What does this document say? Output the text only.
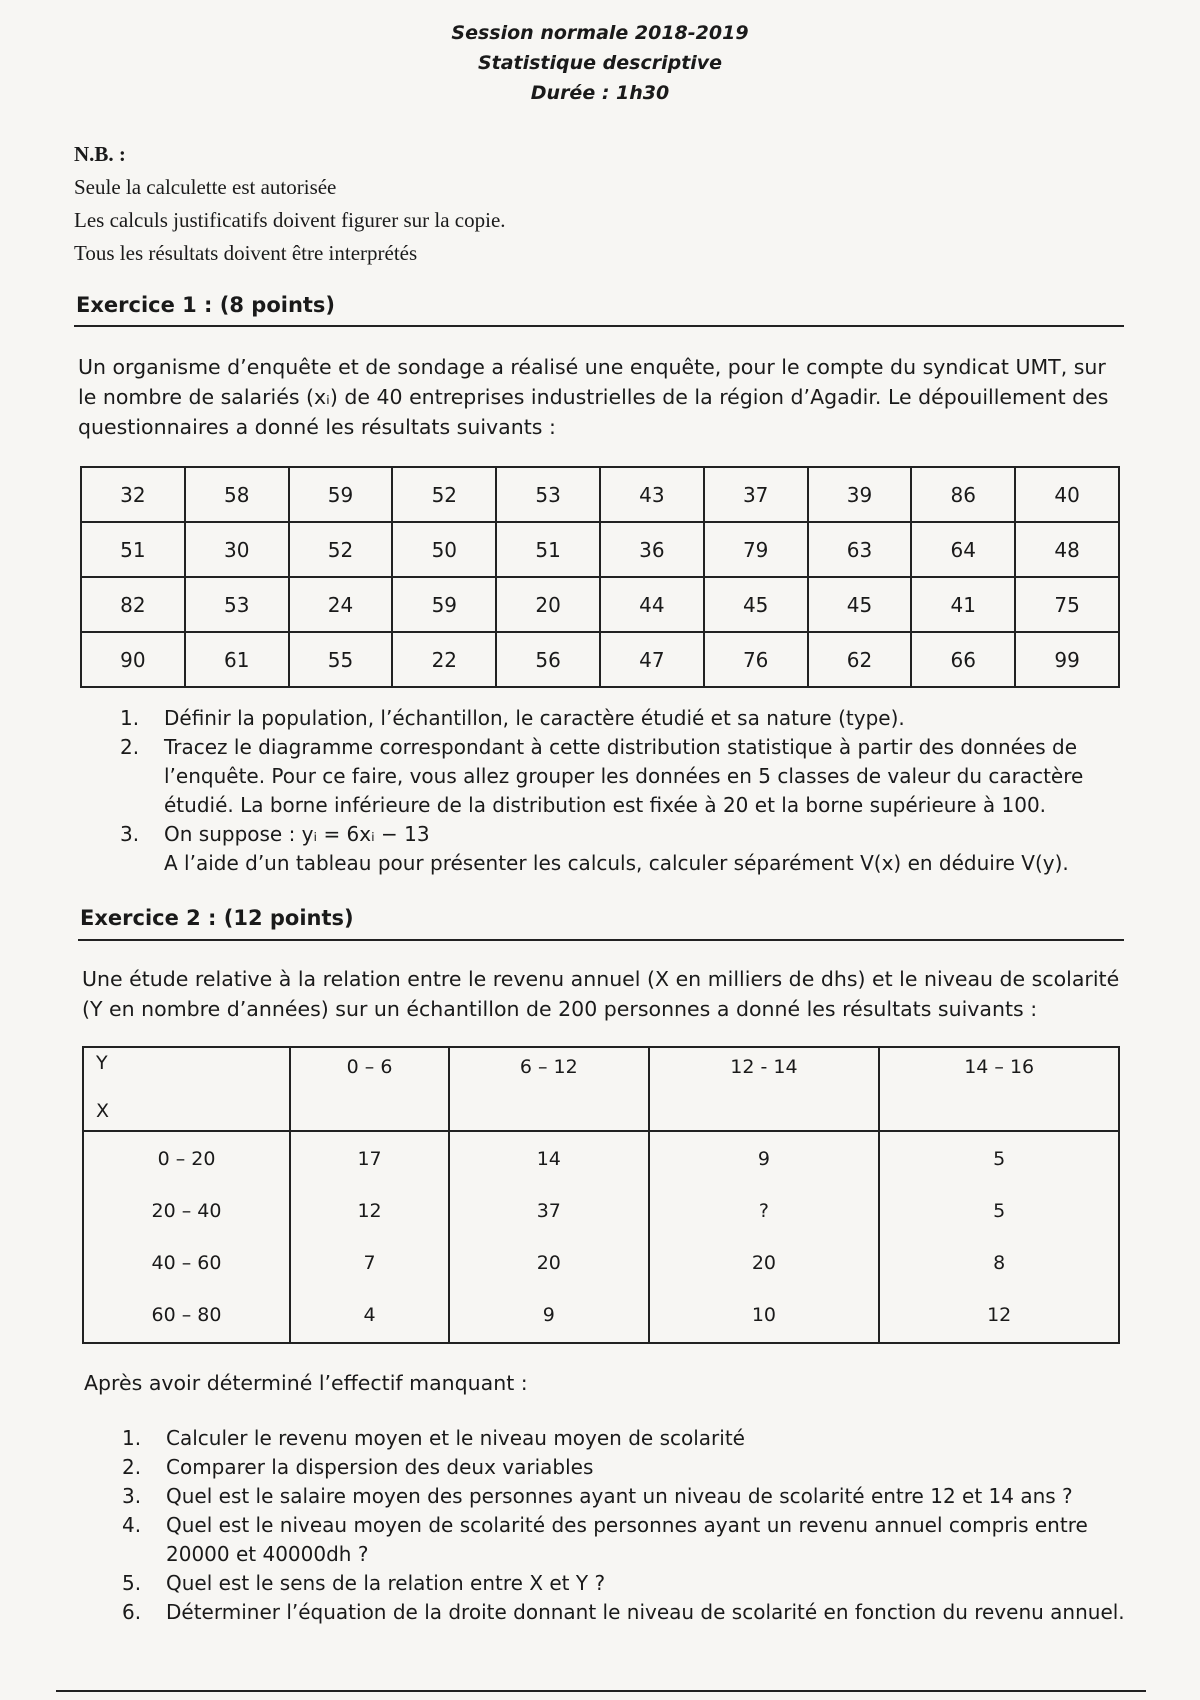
Session normale 2018-2019
Statistique descriptive
Durée : 1h30
N.B. :
Seule la calculette est autorisée
Les calculs justificatifs doivent figurer sur la copie.
Tous les résultats doivent être interprétés
Exercice 1 : (8 points)
Un organisme d’enquête et de sondage a réalisé une enquête, pour le compte du syndicat UMT, sur le nombre de salariés (xᵢ) de 40 entreprises industrielles de la région d’Agadir. Le dépouillement des questionnaires a donné les résultats suivants :
32	58	59	52	53	43	37	39	86	40
51	30	52	50	51	36	79	63	64	48
82	53	24	59	20	44	45	45	41	75
90	61	55	22	56	47	76	62	66	99
1.	Définir la population, l’échantillon, le caractère étudié et sa nature (type).
2.	Tracez le diagramme correspondant à cette distribution statistique à partir des données de l’enquête. Pour ce faire, vous allez grouper les données en 5 classes de valeur du caractère étudié. La borne inférieure de la distribution est fixée à 20 et la borne supérieure à 100.
3.	On suppose : yᵢ = 6xᵢ − 13
A l’aide d’un tableau pour présenter les calculs, calculer séparément V(x) en déduire V(y).
Exercice 2 : (12 points)
Une étude relative à la relation entre le revenu annuel (X en milliers de dhs) et le niveau de scolarité (Y en nombre d’années) sur un échantillon de 200 personnes a donné les résultats suivants :
Y
X	0 – 6	6 – 12	12 - 14	14 – 16
0 – 20	17	14	9	5
20 – 40	12	37	?	5
40 – 60	7	20	20	8
60 – 80	4	9	10	12
Après avoir déterminé l’effectif manquant :
1.	Calculer le revenu moyen et le niveau moyen de scolarité
2.	Comparer la dispersion des deux variables
3.	Quel est le salaire moyen des personnes ayant un niveau de scolarité entre 12 et 14 ans ?
4.	Quel est le niveau moyen de scolarité des personnes ayant un revenu annuel compris entre 20000 et 40000dh ?
5.	Quel est le sens de la relation entre X et Y ?
6.	Déterminer l’équation de la droite donnant le niveau de scolarité en fonction du revenu annuel.
